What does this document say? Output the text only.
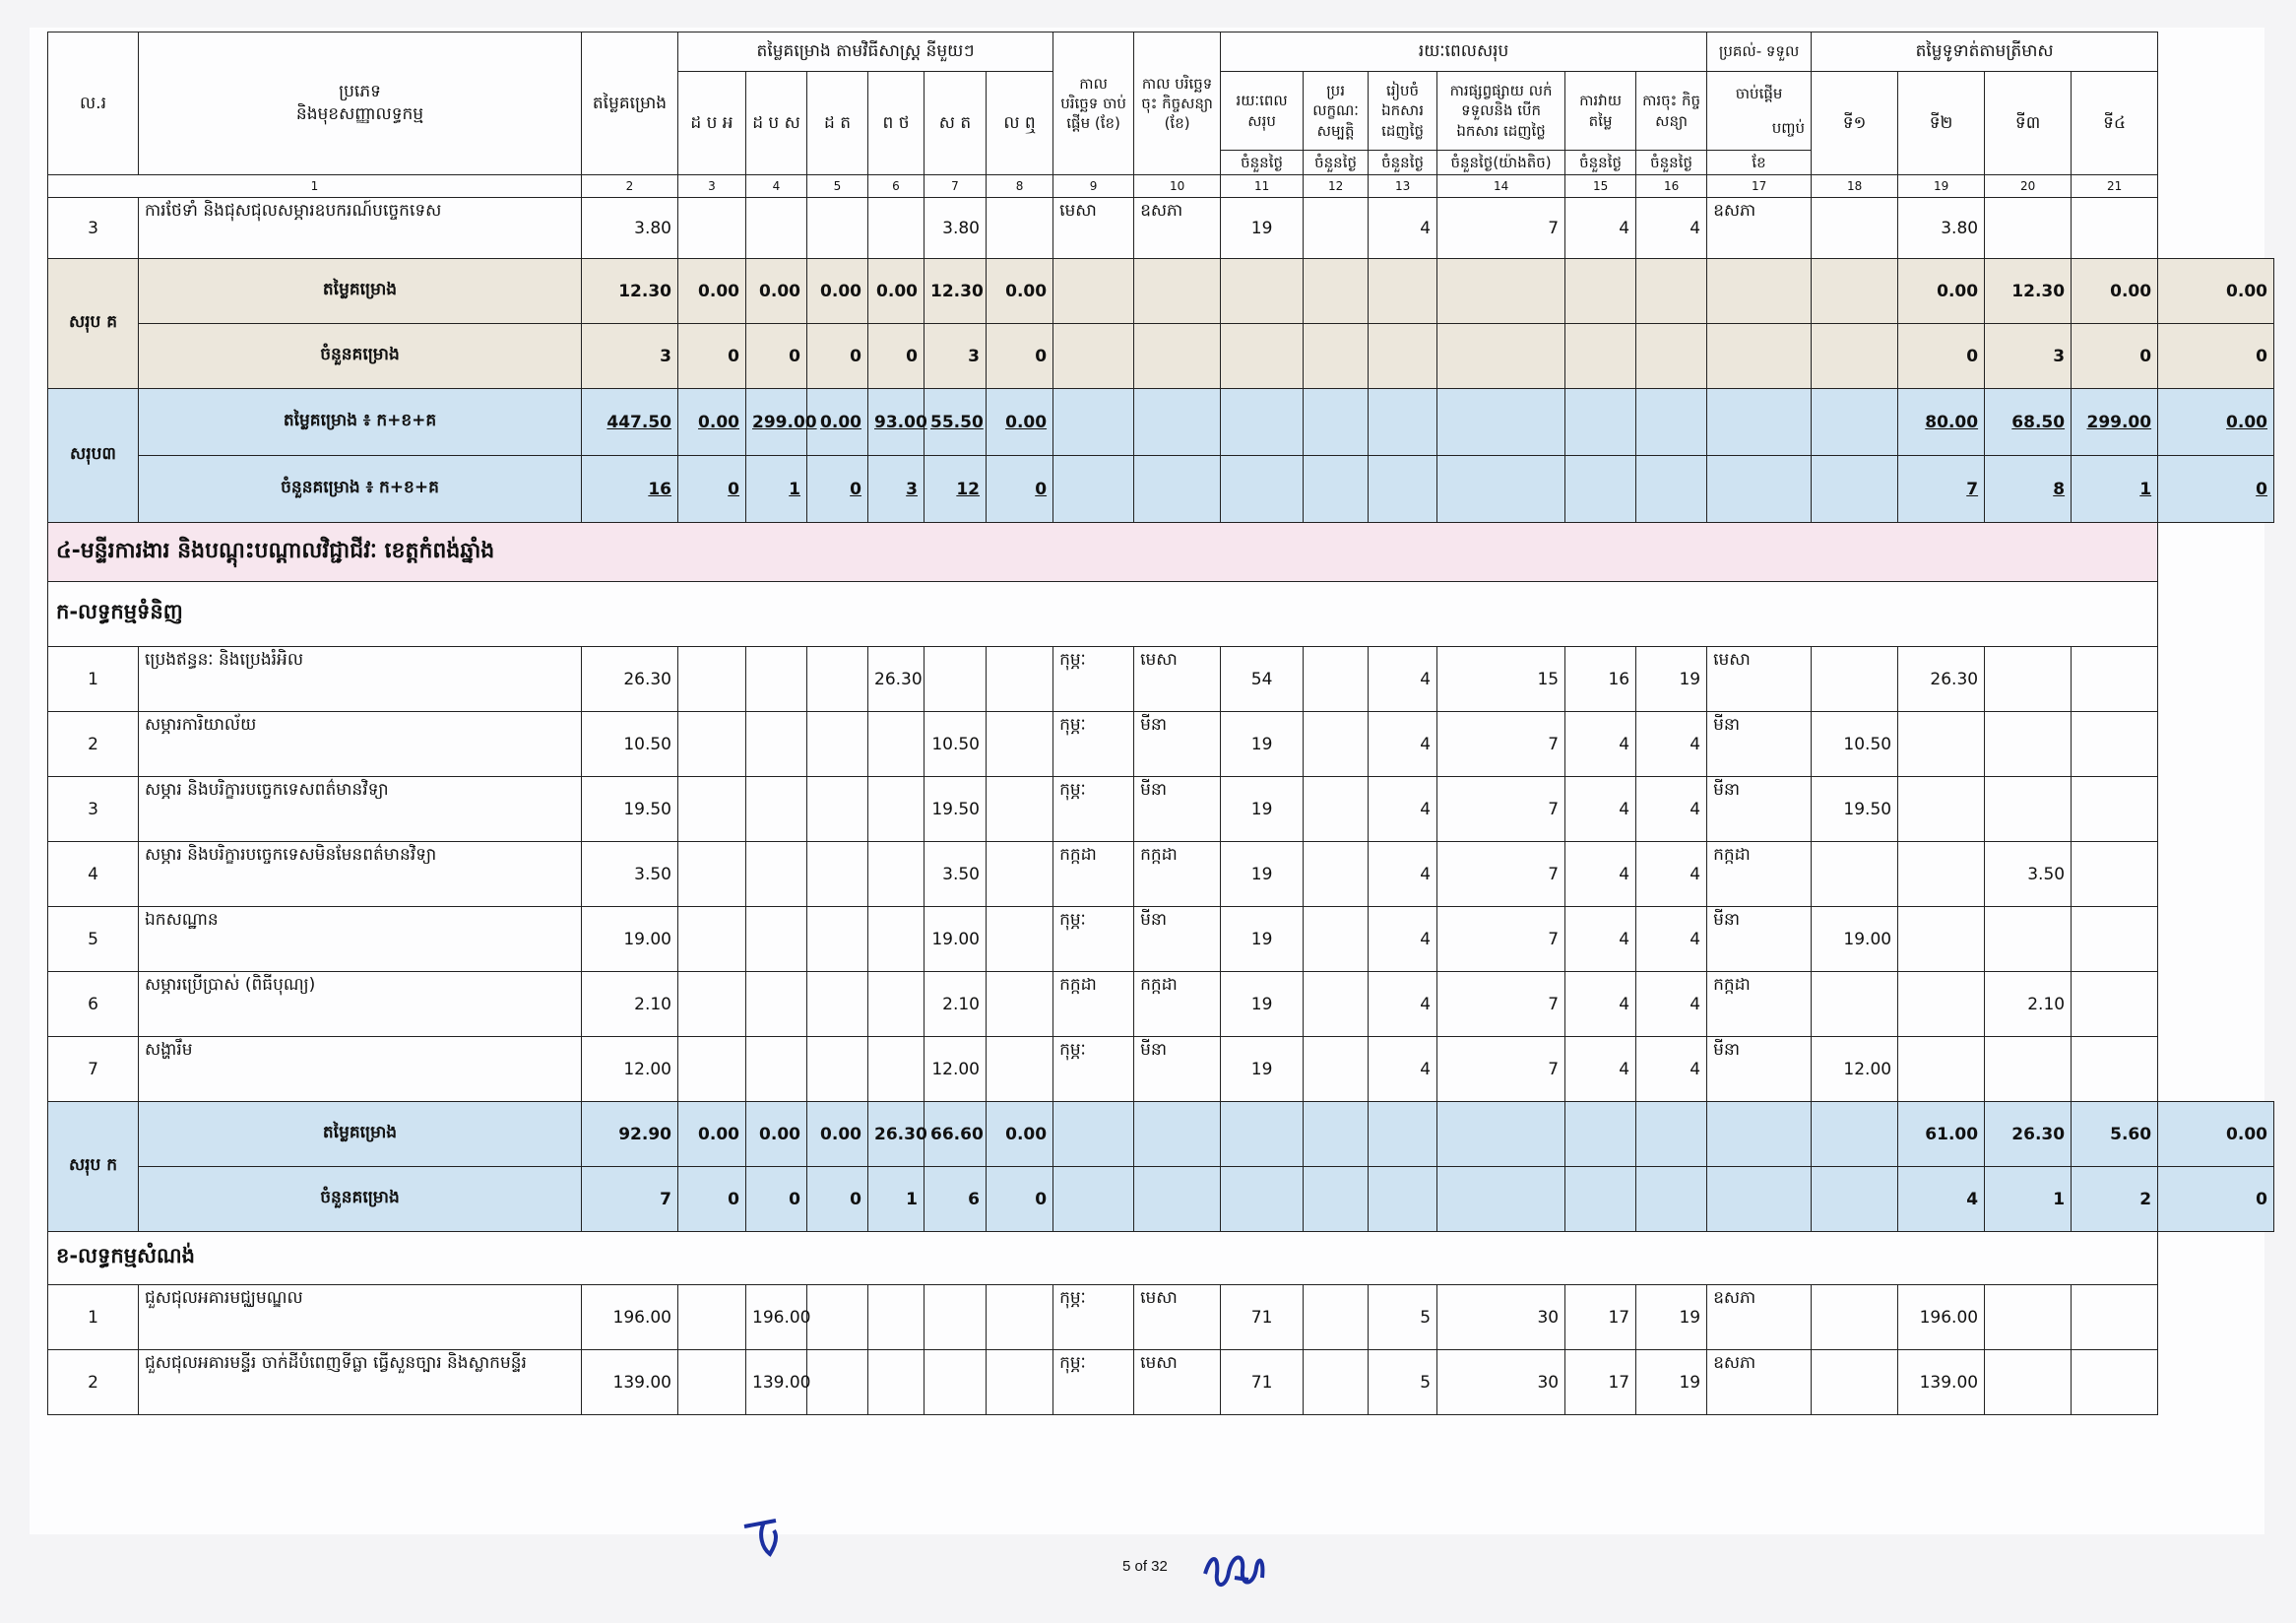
ល.រ	ប្រភេទ
និងមុខសញ្ញាលទ្ធកម្ម	តម្លៃគម្រោង	តម្លៃគម្រោង តាមវិធីសាស្ត្រ នីមួយៗ						កាល បរិច្ឆេទ ចាប់ផ្តើម (ខែ)	កាល បរិច្ឆេទចុះ កិច្ចសន្យា (ខែ)	រយៈពេលសរុប						ប្រគល់- ទទួល	តម្លៃទូទាត់តាមត្រីមាស				
			ដ ប អ	ដ ប ស	ដ ត	ព ថ	ស ត	ល ឮ			រយៈពេល សរុប	ប្ររ លក្ខណៈ សម្បត្តិ	រៀបចំ ឯកសារ ដេញថ្លៃ	ការផ្សព្វផ្សាយ លក់ ទទួលនិង បើកឯកសារ ដេញថ្លៃ	ការវាយ តម្លៃ	ការចុះ កិច្ចសន្យា	ចាប់ផ្តើម
បញ្ចប់	ទី១	ទី២	ទី៣	ទី៤	
											ចំនួនថ្ងៃ	ចំនួនថ្ងៃ	ចំនួនថ្ងៃ	ចំនួនថ្ងៃ(យ៉ាងតិច)	ចំនួនថ្ងៃ	ចំនួនថ្ងៃ	ខែ					
1		2	3	4	5	6	7	8	9	10	11	12	13	14	15	16	17	18	19	20	21	
3	ការថែទាំ និងជុសជុលសម្ភារឧបករណ៍បច្ចេកទេស	3.80					3.80		មេសា	ឧសភា	19		4	7	4	4	ឧសភា		3.80			
សរុប គ	តម្លៃគម្រោង	12.30	0.00	0.00	0.00	0.00	12.30	0.00											0.00	12.30	0.00	0.00
	ចំនួនគម្រោង	3	0	0	0	0	3	0											0	3	0	0
សរុប៣	តម្លៃគម្រោង ៖ ក+ខ+គ	447.50	0.00	299.00	0.00	93.00	55.50	0.00											80.00	68.50	299.00	0.00
	ចំនួនគម្រោង ៖ ក+ខ+គ	16	0	1	0	3	12	0											7	8	1	0
៤-មន្ទីរការងារ និងបណ្តុះបណ្តាលវិជ្ជាជីវៈ ខេត្តកំពង់ឆ្នាំង																						
ក-លទ្ធកម្មទំនិញ																						
1	ប្រេងឥន្ធនៈ និងប្រេងរំអិល	26.30				26.30			កុម្ភៈ	មេសា	54		4	15	16	19	មេសា		26.30			
2	សម្ភារការិយាល័យ	10.50					10.50		កុម្ភៈ	មីនា	19		4	7	4	4	មីនា	10.50				
3	សម្ភារ និងបរិក្ខារបច្ចេកទេសពត៌មានវិទ្យា	19.50					19.50		កុម្ភៈ	មីនា	19		4	7	4	4	មីនា	19.50				
4	សម្ភារ និងបរិក្ខារបច្ចេកទេសមិនមែនពត៌មានវិទ្យា	3.50					3.50		កក្កដា	កក្កដា	19		4	7	4	4	កក្កដា			3.50		
5	ឯកសណ្ឋាន	19.00					19.00		កុម្ភៈ	មីនា	19		4	7	4	4	មីនា	19.00				
6	សម្ភារប្រើប្រាស់ (ពិធីបុណ្យ)	2.10					2.10		កក្កដា	កក្កដា	19		4	7	4	4	កក្កដា			2.10		
7	សង្ហារឹម	12.00					12.00		កុម្ភៈ	មីនា	19		4	7	4	4	មីនា	12.00				
សរុប ក	តម្លៃគម្រោង	92.90	0.00	0.00	0.00	26.30	66.60	0.00											61.00	26.30	5.60	0.00
	ចំនួនគម្រោង	7	0	0	0	1	6	0											4	1	2	0
ខ-លទ្ធកម្មសំណង់																						
1	ជួសជុលអគារមជ្ឈមណ្ឌល	196.00		196.00					កុម្ភៈ	មេសា	71		5	30	17	19	ឧសភា		196.00			
2	ជួសជុលអគារមន្ទីរ ចាក់ដីបំពេញទីធ្លា ធ្វើសួនច្បារ និងស្លាកមន្ទីរ	139.00		139.00					កុម្ភៈ	មេសា	71		5	30	17	19	ឧសភា		139.00			
5 of 32
